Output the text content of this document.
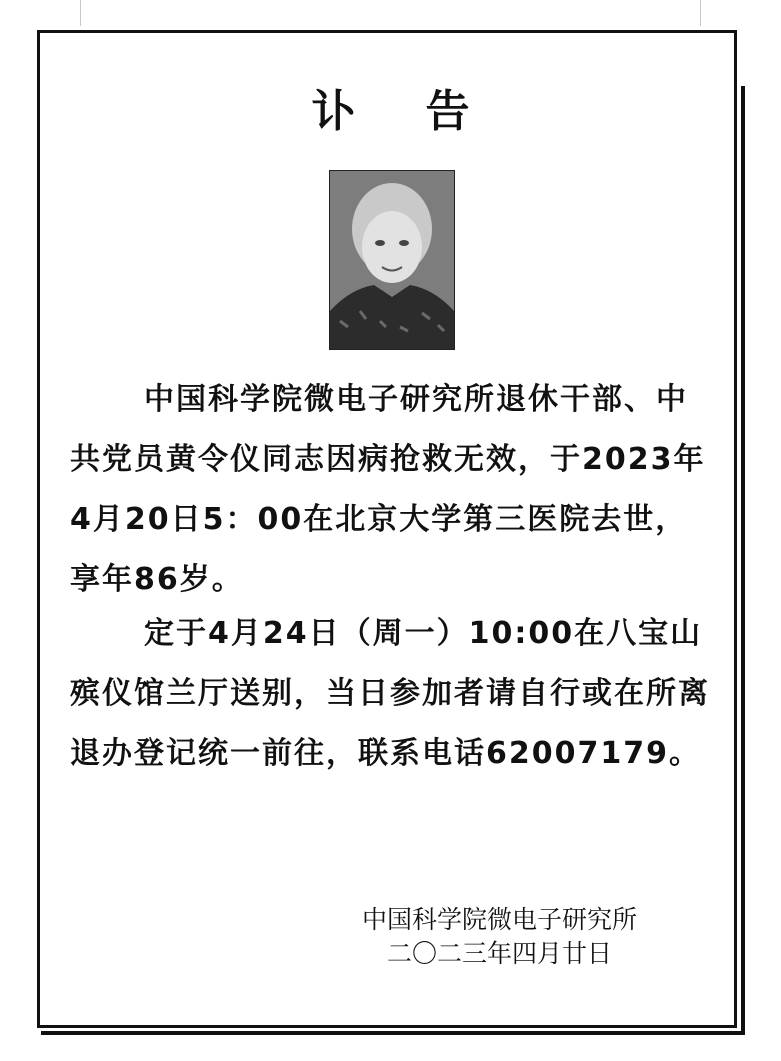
讣告
中国科学院微电子研究所退休干部、中共党员黄令仪同志因病抢救无效，于2023年4月20日5：00在北京大学第三医院去世，享年86岁。
定于4月24日（周一）10:00在八宝山殡仪馆兰厅送别，当日参加者请自行或在所离退办登记统一前往，联系电话62007179。
中国科学院微电子研究所
二〇二三年四月廿日
